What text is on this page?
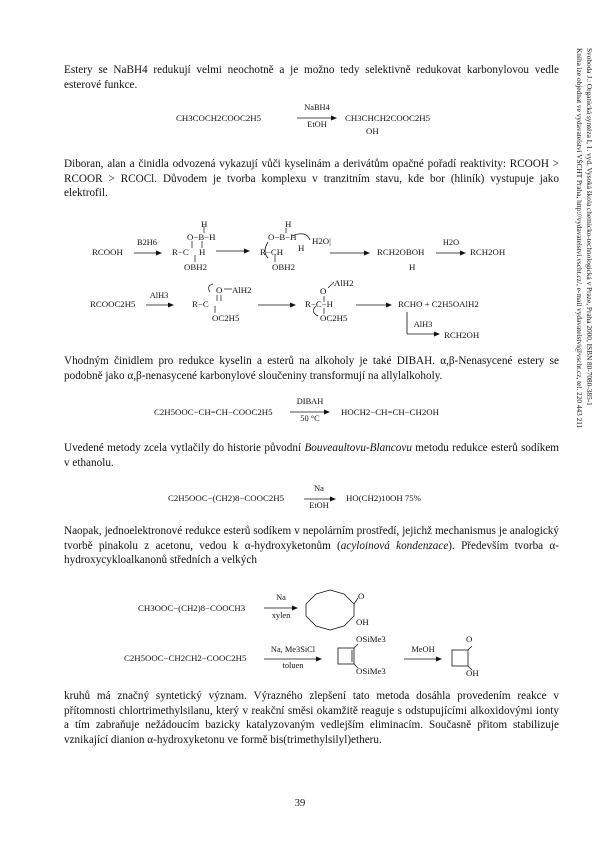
Estery se NaBH4 redukují velmi neochotně a je možno tedy selektivně redukovat karbonylovou vedle esterové funkce.

CH3COCH2COOC2H5
NaBH4
EtOH
CH3CHCH2COOC2H5
OH

Diboran, alan a činidla odvozená vykazují vůči kyselinám a derivátům opačné pořadí reaktivity: RCOOH > RCOOR > RCOCl. Důvodem je tvorba komplexu v tranzitním stavu, kde bor (hliník) vystupuje jako elektrofil.

RCOOH
B2H6
H
O−B−H
R−C H
OBH2
H
O−B−H H2O|
R−CH H
OBH2
RCH2OBOH
H
H2O
RCH2OH
RCOOC2H5
AlH3
R−C
AlH2
OC2H5
O
R−C−H
AlH2
OC2H5
O
RCHO + C2H5OAlH2
AlH3
RCH2OH

Vhodným činidlem pro redukce kyselin a esterů na alkoholy je také DIBAH. α,β-Nenasycené estery se podobně jako α,β-nenasycené karbonylové sloučeniny transformují na allylalkoholy.

C2H5OOC−CH=CH−COOC2H5
DIBAH
50 °C
HOCH2−CH=CH−CH2OH

Uvedené metody zcela vytlačily do historie původní Bouveaultovu-Blancovu metodu redukce esterů sodíkem v ethanolu.

C2H5OOC−(CH2)8−COOC2H5
Na
EtOH
HO(CH2)10OH 75%

Naopak, jednoelektronové redukce esterů sodíkem v nepolárním prostředí, jejichž mechanismus je analogický tvorbě pinakolu z acetonu, vedou k α-hydroxyketonům (acyloinová kondenzace). Především tvorba α-hydroxycykloalkanonů středních a velkých

CH3OOC−(CH2)8−COOCH3
Na
xylen
O
OH
C2H5OOC−CH2CH2−COOC2H5
Na, Me3SiCl
toluen
OSiMe3
OSiMe3
MeOH
O
OH

kruhů má značný syntetický význam. Výrazného zlepšení tato metoda dosáhla provedením reakce v přítomnosti chlortrimethylsilanu, který v reakční směsi okamžitě reaguje s odstupujícími alkoxidovými ionty a tím zabraňuje nežádoucím bazicky katalyzovaným vedlejším eliminacím. Současně přitom stabilizuje vznikající dianion α-hydroxyketonu ve formě bis(trimethylsilyl)etheru.

Svoboda J.: Organická syntéza I, 1. vyd. Vysoká škola chemicko-technologická v Praze, Praha 2000, ISBN 80-7080-385-1
Kniha lze objednat ve vydavatelství VŠCHT Praha, http://vydavatelstvi.vscht.cz/, e-mail vydavatelstvi@vscht.cz, tel. 220 443 211
39
